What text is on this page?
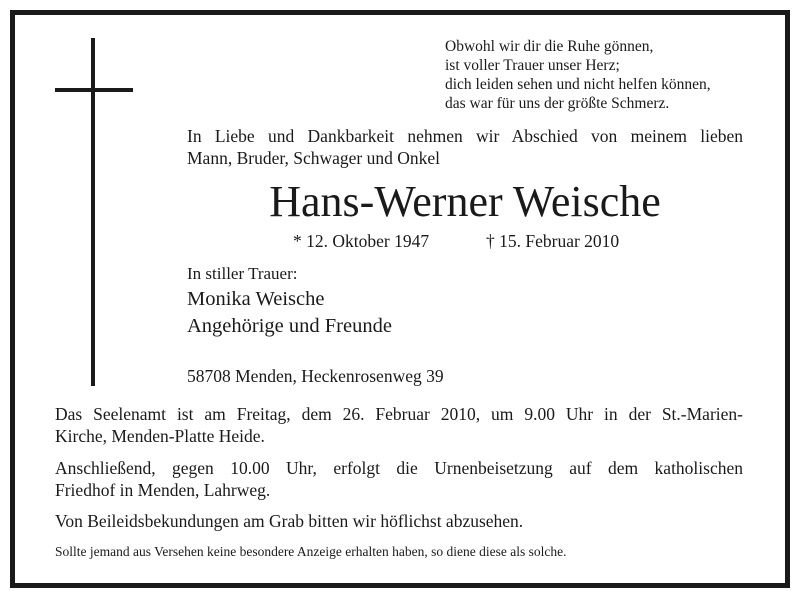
Obwohl wir dir die Ruhe gönnen,
ist voller Trauer unser Herz;
dich leiden sehen und nicht helfen können,
das war für uns der größte Schmerz.
In Liebe und Dankbarkeit nehmen wir Abschied von meinem lieben
Mann, Bruder, Schwager und Onkel
Hans-Werner Weische
* 12. Oktober 1947	† 15. Februar 2010
In stiller Trauer:
Monika Weische
Angehörige und Freunde
58708 Menden, Heckenrosenweg 39
Das Seelenamt ist am Freitag, dem 26. Februar 2010, um 9.00 Uhr in der St.-Marien-
Kirche, Menden-Platte Heide.
Anschließend, gegen 10.00 Uhr, erfolgt die Urnenbeisetzung auf dem katholischen
Friedhof in Menden, Lahrweg.
Von Beileidsbekundungen am Grab bitten wir höflichst abzusehen.
Sollte jemand aus Versehen keine besondere Anzeige erhalten haben, so diene diese als solche.
